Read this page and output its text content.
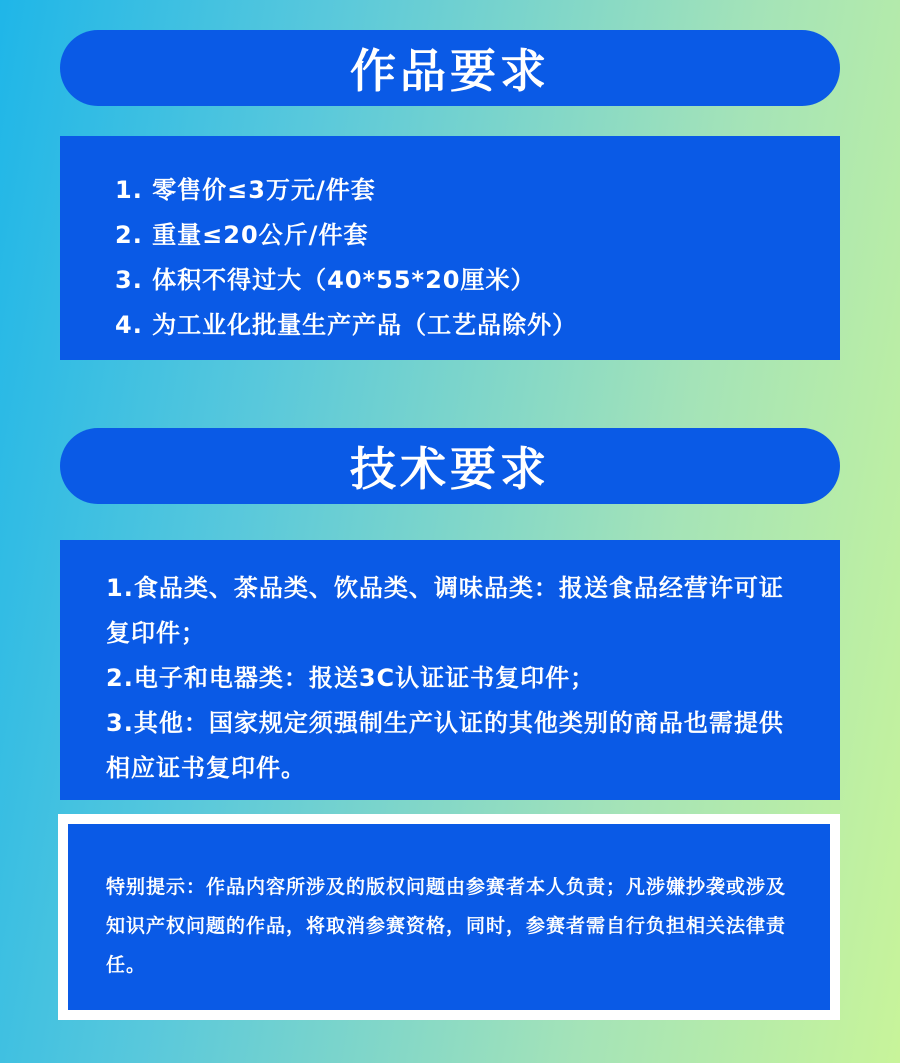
作品要求
1. 零售价≤3万元/件套
2. 重量≤20公斤/件套
3. 体积不得过大（40*55*20厘米）
4. 为工业化批量生产产品（工艺品除外）
技术要求
1.食品类、茶品类、饮品类、调味品类：报送食品经营许可证复印件；
2.电子和电器类：报送3C认证证书复印件；
3.其他：国家规定须强制生产认证的其他类别的商品也需提供相应证书复印件。
特别提示：作品内容所涉及的版权问题由参赛者本人负责；凡涉嫌抄袭或涉及知识产权问题的作品，将取消参赛资格，同时，参赛者需自行负担相关法律责任。
